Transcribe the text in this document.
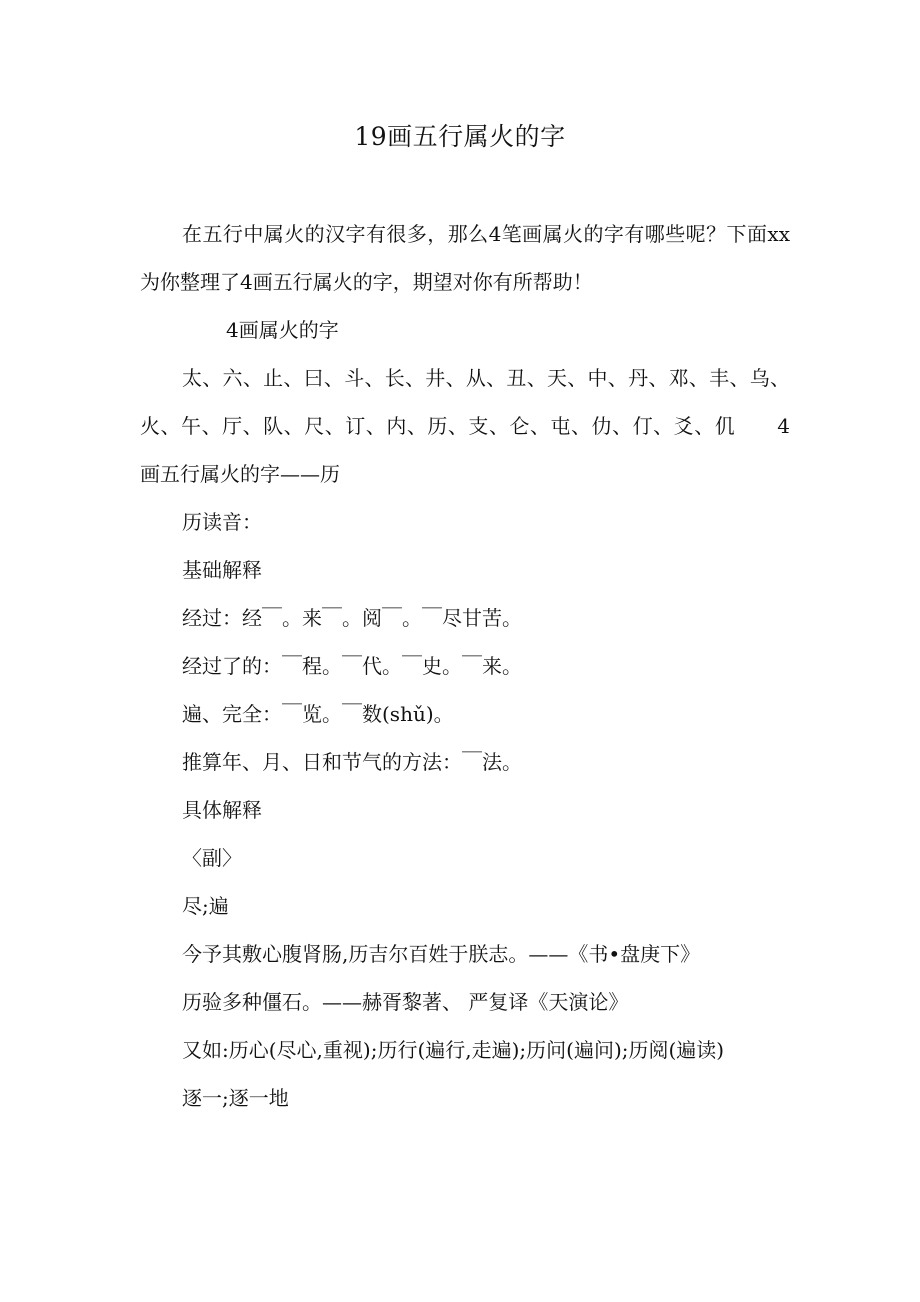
19画五行属火的字

在五行中属火的汉字有很多，那么4笔画属火的字有哪些呢？下面xx为你整理了4画五行属火的字，期望对你有所帮助！

4画属火的字

太、六、止、曰、斗、长、井、从、丑、天、中、丹、邓、丰、乌、火、午、厅、队、尺、订、内、历、支、仑、屯、仂、仃、爻、仉 4画五行属火的字——历

历读音：

基础解释

经过：经￣。来￣。阅￣。￣尽甘苦。

经过了的：￣程。￣代。￣史。￣来。

遍、完全：￣览。￣数(shǔ)。

推算年、月、日和节气的方法：￣法。

具体解释

〈副〉

尽;遍

今予其敷心腹肾肠,历吉尔百姓于朕志。——《书•盘庚下》

历验多种僵石。——赫胥黎著、 严复译《天演论》

又如:历心(尽心,重视);历行(遍行,走遍);历问(遍问);历阅(遍读)

逐一;逐一地
